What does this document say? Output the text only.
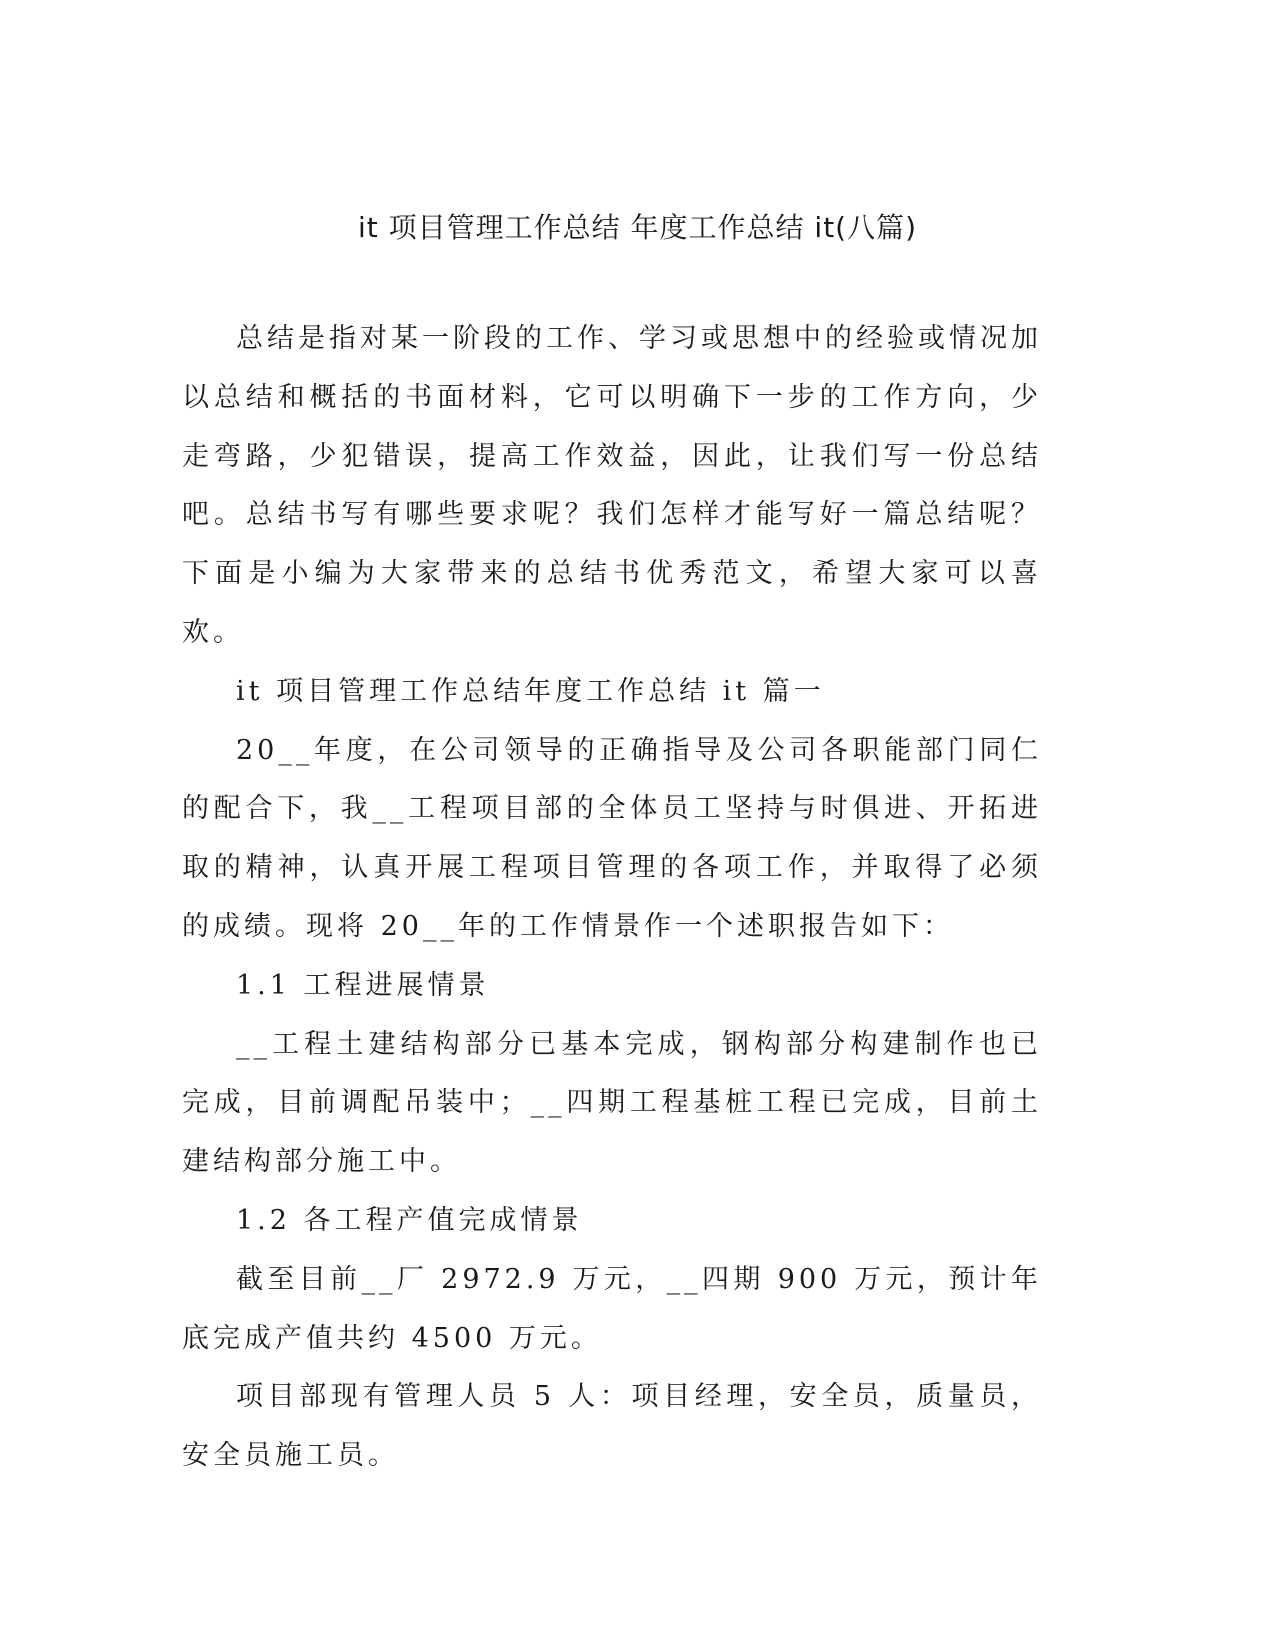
it 项目管理工作总结 年度工作总结 it(八篇)

总结是指对某一阶段的工作、学习或思想中的经验或情况加以总结和概括的书面材料，它可以明确下一步的工作方向，少走弯路，少犯错误，提高工作效益，因此，让我们写一份总结吧。总结书写有哪些要求呢？我们怎样才能写好一篇总结呢？下面是小编为大家带来的总结书优秀范文，希望大家可以喜欢。

it 项目管理工作总结年度工作总结 it 篇一

20__年度，在公司领导的正确指导及公司各职能部门同仁的配合下，我__工程项目部的全体员工坚持与时俱进、开拓进取的精神，认真开展工程项目管理的各项工作，并取得了必须的成绩。现将 20__年的工作情景作一个述职报告如下：

1.1 工程进展情景

__工程土建结构部分已基本完成，钢构部分构建制作也已完成，目前调配吊装中；__四期工程基桩工程已完成，目前土建结构部分施工中。

1.2 各工程产值完成情景

截至目前__厂 2972.9 万元，__四期 900 万元，预计年底完成产值共约 4500 万元。

项目部现有管理人员 5 人：项目经理，安全员，质量员，安全员施工员。
